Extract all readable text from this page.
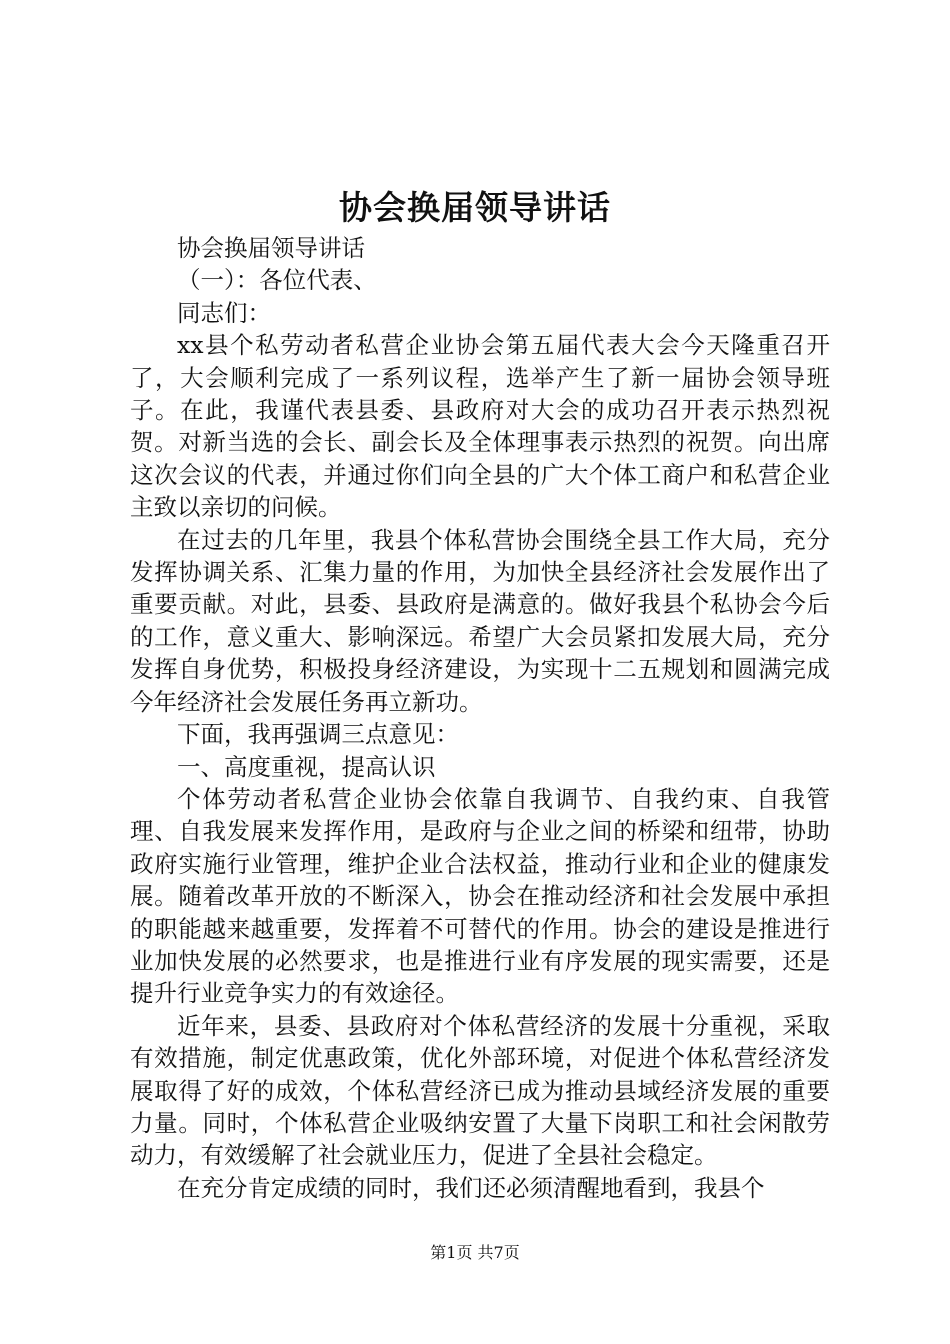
协会换届领导讲话

协会换届领导讲话

（一）：各位代表、

同志们：

xx县个私劳动者私营企业协会第五届代表大会今天隆重召开了，大会顺利完成了一系列议程，选举产生了新一届协会领导班子。在此，我谨代表县委、县政府对大会的成功召开表示热烈祝贺。对新当选的会长、副会长及全体理事表示热烈的祝贺。向出席这次会议的代表，并通过你们向全县的广大个体工商户和私营企业主致以亲切的问候。

在过去的几年里，我县个体私营协会围绕全县工作大局，充分发挥协调关系、汇集力量的作用，为加快全县经济社会发展作出了重要贡献。对此，县委、县政府是满意的。做好我县个私协会今后的工作，意义重大、影响深远。希望广大会员紧扣发展大局，充分发挥自身优势，积极投身经济建设，为实现十二五规划和圆满完成今年经济社会发展任务再立新功。

下面，我再强调三点意见：

一、高度重视，提高认识

个体劳动者私营企业协会依靠自我调节、自我约束、自我管理、自我发展来发挥作用，是政府与企业之间的桥梁和纽带，协助政府实施行业管理，维护企业合法权益，推动行业和企业的健康发展。随着改革开放的不断深入，协会在推动经济和社会发展中承担的职能越来越重要，发挥着不可替代的作用。协会的建设是推进行业加快发展的必然要求，也是推进行业有序发展的现实需要，还是提升行业竞争实力的有效途径。

近年来，县委、县政府对个体私营经济的发展十分重视，采取有效措施，制定优惠政策，优化外部环境，对促进个体私营经济发展取得了好的成效，个体私营经济已成为推动县域经济发展的重要力量。同时，个体私营企业吸纳安置了大量下岗职工和社会闲散劳动力，有效缓解了社会就业压力，促进了全县社会稳定。

在充分肯定成绩的同时，我们还必须清醒地看到，我县个

第1页 共7页
